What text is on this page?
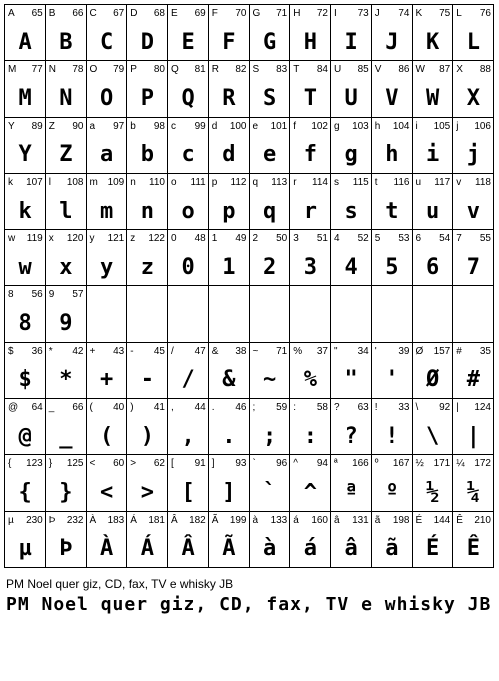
A 65
A
B 66
B
C 67
C
D 68
D
E 69
E
F 70
F
G 71
G
H 72
H
I 73
I
J 74
J
K 75
K
L 76
L
M 77
M
N 78
N
O 79
O
P 80
P
Q 81
Q
R 82
R
S 83
S
T 84
T
U 85
U
V 86
V
W 87
W
X 88
X
Y 89
Y
Z 90
Z
a 97
a
b 98
b
c 99
c
d 100
d
e 101
e
f 102
f
g 103
g
h 104
h
i 105
i
j 106
j
k 107
k
l 108
l
m 109
m
n 110
n
o 111
o
p 112
p
q 113
q
r 114
r
s 115
s
t 116
t
u 117
u
v 118
v
w 119
w
x 120
x
y 121
y
z 122
z
0 48
0
1 49
1
2 50
2
3 51
3
4 52
4
5 53
5
6 54
6
7 55
7
8 56
8
9 57
9
$ 36
$
* 42
*
+ 43
+
- 45
-
/ 47
/
& 38
&
~ 71
~
% 37
%
" 34
"
' 39
'
Ø 157
Ø
# 35
#
@ 64
@
_ 66
_
( 40
(
) 41
)
, 44
,
. 46
.
; 59
;
: 58
:
? 63
?
! 33
!
\ 92
\
| 124
|
{ 123
{
} 125
}
< 60
<
> 62
>
[ 91
[
] 93
]
` 96
`
^ 94
^
ª 166
ª
º 167
º
½ 171
½
¼ 172
¼
µ 230
µ
Þ 232
Þ
À 183
À
Á 181
Á
Â 182
Â
Ã 199
Ã
à 133
à
á 160
á
â 131
â
ã 198
ã
É 144
É
Ê 210
Ê
PM Noel quer giz, CD, fax, TV e whisky JB
PM Noel quer giz, CD, fax, TV e whisky JB
